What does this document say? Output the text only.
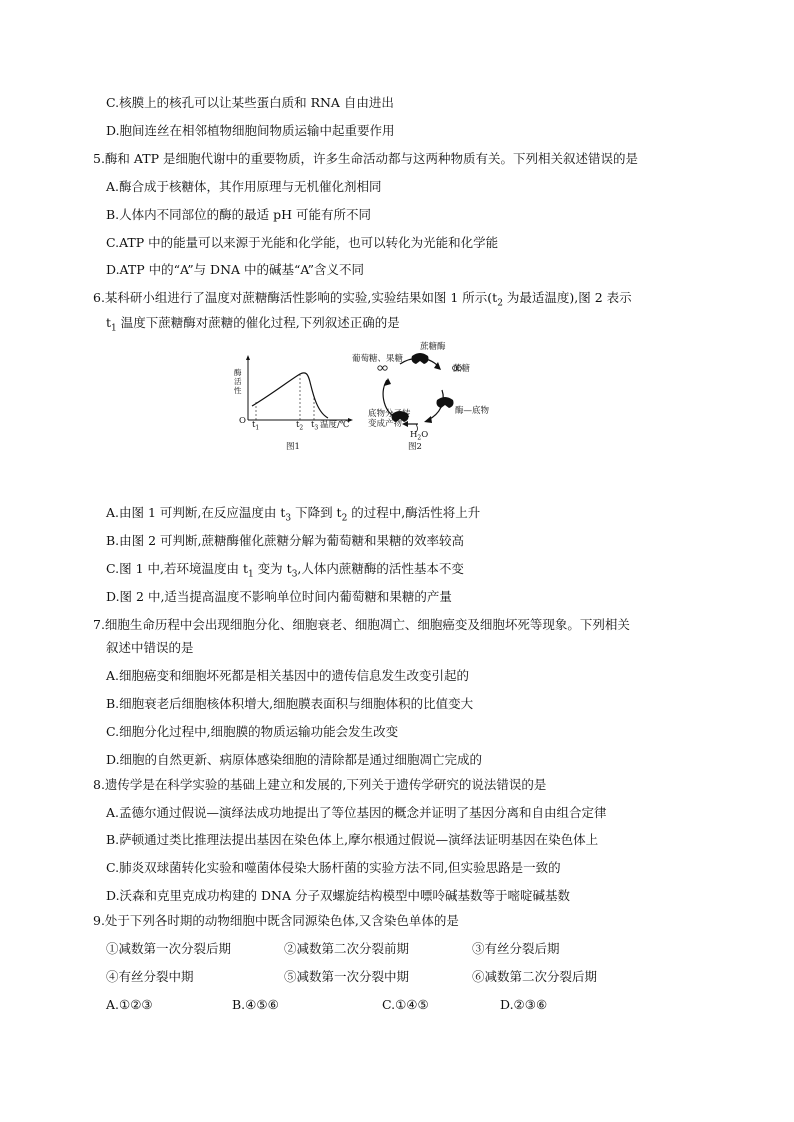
C.核膜上的核孔可以让某些蛋白质和 RNA 自由进出
D.胞间连丝在相邻植物细胞间物质运输中起重要作用
5.酶和 ATP 是细胞代谢中的重要物质，许多生命活动都与这两种物质有关。下列相关叙述错误的是
A.酶合成于核糖体，其作用原理与无机催化剂相同
B.人体内不同部位的酶的最适 pH 可能有所不同
C.ATP 中的能量可以来源于光能和化学能，也可以转化为光能和化学能
D.ATP 中的“A”与 DNA 中的碱基“A”含义不同
6.某科研小组进行了温度对蔗糖酶活性影响的实验,实验结果如图 1 所示($t_2$ 为最适温度),图 2 表示
$t_1$ 温度下蔗糖酶对蔗糖的催化过程,下列叙述正确的是
酶活性
O $t_1$	$t_2$ $t_3$ 温度/℃
图1
蔗糖酶
葡萄糖、果糖
蔗糖
酶—底物
底物分子转
变成产物
$H_2O$
图2
A.由图 1 可判断,在反应温度由 $t_3$ 下降到 $t_2$ 的过程中,酶活性将上升
B.由图 2 可判断,蔗糖酶催化蔗糖分解为葡萄糖和果糖的效率较高
C.图 1 中,若环境温度由 $t_1$ 变为 $t_3$,人体内蔗糖酶的活性基本不变
D.图 2 中,适当提高温度不影响单位时间内葡萄糖和果糖的产量
7.细胞生命历程中会出现细胞分化、细胞衰老、细胞凋亡、细胞癌变及细胞坏死等现象。下列相关
叙述中错误的是
A.细胞癌变和细胞坏死都是相关基因中的遗传信息发生改变引起的
B.细胞衰老后细胞核体积增大,细胞膜表面积与细胞体积的比值变大
C.细胞分化过程中,细胞膜的物质运输功能会发生改变
D.细胞的自然更新、病原体感染细胞的清除都是通过细胞凋亡完成的
8.遗传学是在科学实验的基础上建立和发展的,下列关于遗传学研究的说法错误的是
A.孟德尔通过假说—演绎法成功地提出了等位基因的概念并证明了基因分离和自由组合定律
B.萨顿通过类比推理法提出基因在染色体上,摩尔根通过假说—演绎法证明基因在染色体上
C.肺炎双球菌转化实验和噬菌体侵染大肠杆菌的实验方法不同,但实验思路是一致的
D.沃森和克里克成功构建的 DNA 分子双螺旋结构模型中嘌呤碱基数等于嘧啶碱基数
9.处于下列各时期的动物细胞中既含同源染色体,又含染色单体的是
①减数第一次分裂后期	②减数第二次分裂前期	③有丝分裂后期
④有丝分裂中期	⑤减数第一次分裂中期	⑥减数第二次分裂后期
A.①②③	B.④⑤⑥	C.①④⑤	D.②③⑥
